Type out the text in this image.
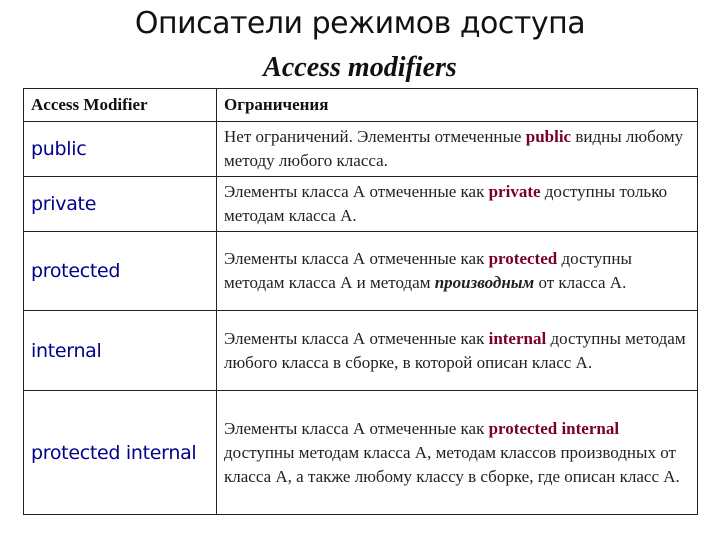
Описатели режимов доступа
Access modifiers
Access Modifier	Ограничения
public	Нет ограничений. Элементы отмеченные public видны любому методу любого класса.
private	Элементы класса А отмеченные как private доступны только методам класса А.
protected	Элементы класса А отмеченные как protected доступны методам класса А и методам производным от класса А.
internal	Элементы класса А отмеченные как internal доступны методам любого класса в сборке, в которой описан класс А.
protected internal	Элементы класса А отмеченные как protected internal доступны методам класса А, методам классов производных от класса А, а также любому классу в сборке, где описан класс А.
